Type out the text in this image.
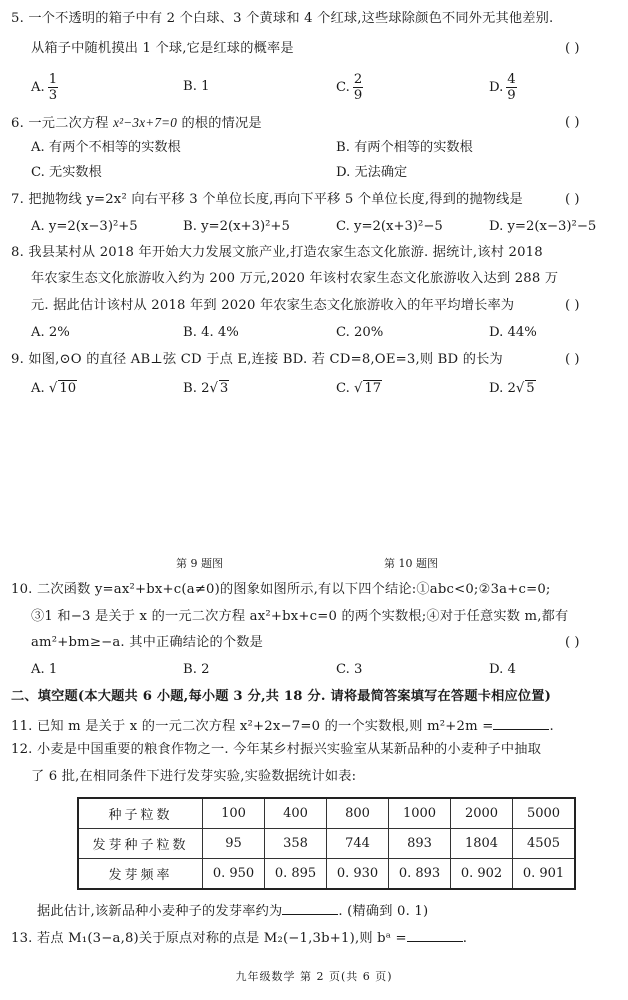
5. 一个不透明的箱子中有 2 个白球、3 个黄球和 4 个红球,这些球除颜色不同外无其他差别.
从箱子中随机摸出 1 个球,它是红球的概率是	( )
A. $\frac{1}{3}$	B. 1	C. $\frac{2}{9}$	D. $\frac{4}{9}$
6. 一元二次方程 x²−3x+7=0 的根的情况是	( )
A. 有两个不相等的实数根	B. 有两个相等的实数根
C. 无实数根	D. 无法确定
7. 把抛物线 y=2x² 向右平移 3 个单位长度,再向下平移 5 个单位长度,得到的抛物线是	( )
A. y=2(x−3)²+5	B. y=2(x+3)²+5	C. y=2(x+3)²−5	D. y=2(x−3)²−5
8. 我县某村从 2018 年开始大力发展文旅产业,打造农家生态文化旅游. 据统计,该村 2018
年农家生态文化旅游收入约为 200 万元,2020 年该村农家生态文化旅游收入达到 288 万
元. 据此估计该村从 2018 年到 2020 年农家生态文化旅游收入的年平均增长率为	( )
A. 2%	B. 4. 4%	C. 20%	D. 44%
9. 如图,⊙O 的直径 AB⊥弦 CD 于点 E,连接 BD. 若 CD=8,OE=3,则 BD 的长为	( )
A. √ 10	B. 2√ 3	C. √ 17	D. 2√ 5
第 9 题图	第 10 题图
10. 二次函数 y=ax²+bx+c(a≠0)的图象如图所示,有以下四个结论:①abc<0;②3a+c=0;
③1 和−3 是关于 x 的一元二次方程 ax²+bx+c=0 的两个实数根;④对于任意实数 m,都有
am²+bm≥−a. 其中正确结论的个数是	( )
A. 1	B. 2	C. 3	D. 4
二、填空题(本大题共 6 小题,每小题 3 分,共 18 分. 请将最简答案填写在答题卡相应位置)
11. 已知 m 是关于 x 的一元二次方程 x²+2x−7=0 的一个实数根,则 m²+2m =	.
12. 小麦是中国重要的粮食作物之一. 今年某乡村振兴实验室从某新品种的小麦种子中抽取
了 6 批,在相同条件下进行发芽实验,实验数据统计如表:
种子粒数	100	400	800	1000	2000	5000
发芽种子粒数	95	358	744	893	1804	4505
发芽频率	0. 950	0. 895	0. 930	0. 893	0. 902	0. 901
据此估计,该新品种小麦种子的发芽率约为	. (精确到 0. 1)
13. 若点 M₁(3−a,8)关于原点对称的点是 M₂(−1,3b+1),则 bᵃ =	.
九年级数学 第 2 页(共 6 页)
